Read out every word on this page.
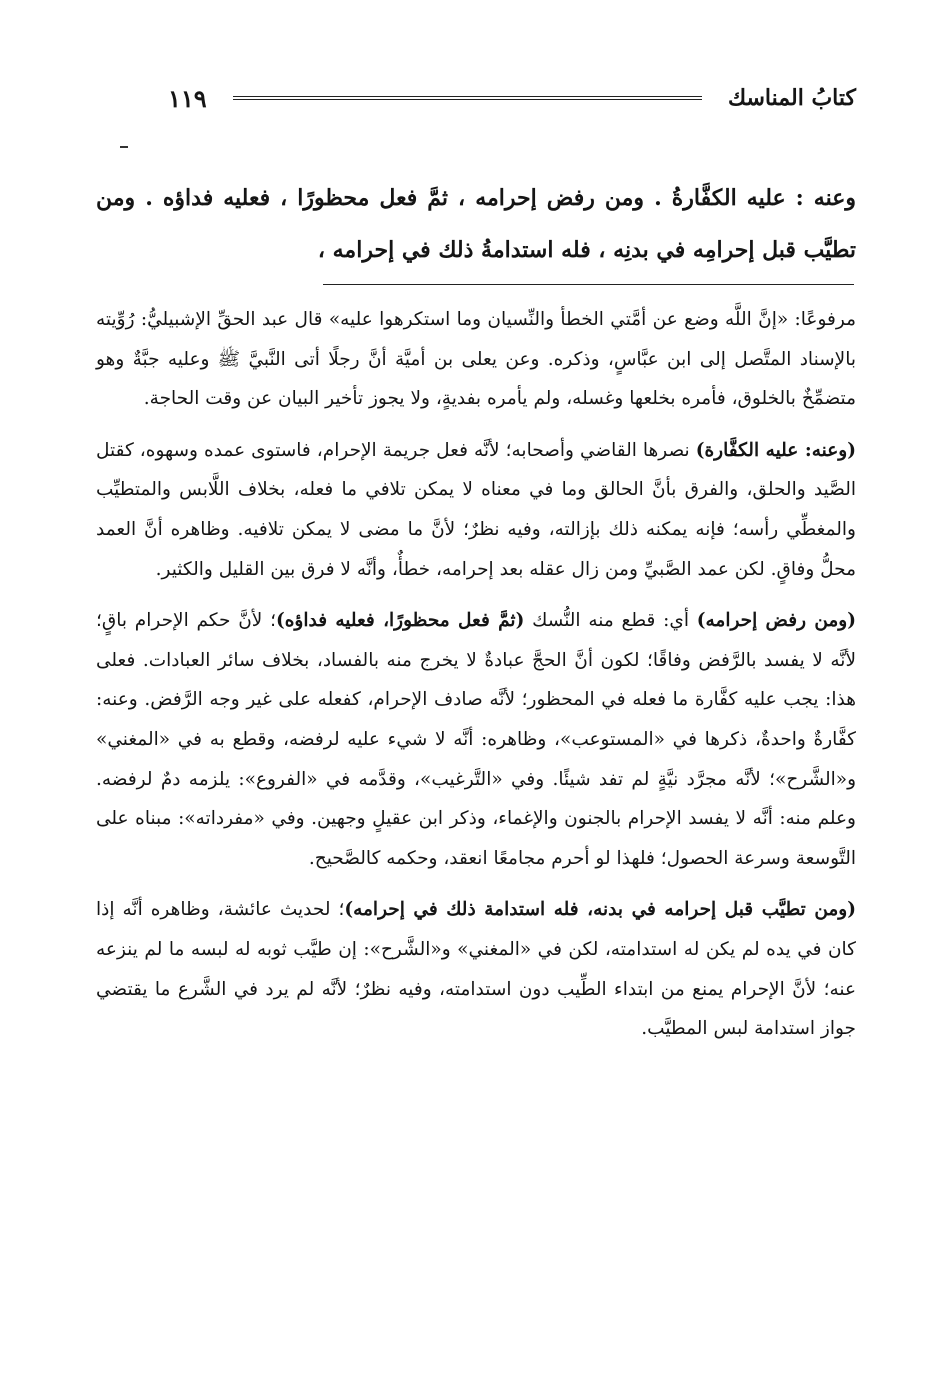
كتابُ المناسك
١١٩

وعنه : عليه الكفَّارةُ . ومن رفض إحرامه ، ثمَّ فعل محظورًا ، فعليه فداؤه . ومن تطيَّب قبل إحرامِه في بدنِه ، فله استدامةُ ذلك في إحرامه ،

مرفوعًا: «إنَّ اللَّه وضع عن أمَّتي الخطأ والنِّسيان وما استكرهوا عليه» قال عبد الحقِّ الإشبيليُّ: رُوِّيته بالإسناد المتَّصل إلى ابن عبَّاسٍ، وذكره. وعن يعلى بن أميَّة أنَّ رجلًا أتى النَّبيَّ ﷺ وعليه جبَّةٌ وهو متضمِّخٌ بالخلوق، فأمره بخلعها وغسله، ولم يأمره بفديةٍ، ولا يجوز تأخير البيان عن وقت الحاجة.

(وعنه: عليه الكفَّارة) نصرها القاضي وأصحابه؛ لأنَّه فعل جريمة الإحرام، فاستوى عمده وسهوه، كقتل الصَّيد والحلق، والفرق بأنَّ الحالق وما في معناه لا يمكن تلافي ما فعله، بخلاف اللَّابس والمتطيِّب والمغطِّي رأسه؛ فإنه يمكنه ذلك بإزالته، وفيه نظرٌ؛ لأنَّ ما مضى لا يمكن تلافيه. وظاهره أنَّ العمد محلُّ وفاقٍ. لكن عمد الصَّبيِّ ومن زال عقله بعد إحرامه، خطأٌ، وأنَّه لا فرق بين القليل والكثير.

(ومن رفض إحرامه) أي: قطع منه النُّسك (ثمَّ فعل محظورًا، فعليه فداؤه)؛ لأنَّ حكم الإحرام باقٍ؛ لأنَّه لا يفسد بالرَّفض وفاقًا؛ لكون أنَّ الحجَّ عبادةٌ لا يخرج منه بالفساد، بخلاف سائر العبادات. فعلى هذا: يجب عليه كفَّارة ما فعله في المحظور؛ لأنَّه صادف الإحرام، كفعله على غير وجه الرَّفض. وعنه: كفَّارةٌ واحدةٌ، ذكرها في «المستوعب»، وظاهره: أنَّه لا شيء عليه لرفضه، وقطع به في «المغني» و«الشَّرح»؛ لأنَّه مجرَّد نيَّةٍ لم تفد شيئًا. وفي «التَّرغيب»، وقدَّمه في «الفروع»: يلزمه دمٌ لرفضه. وعلم منه: أنَّه لا يفسد الإحرام بالجنون والإغماء، وذكر ابن عقيلٍ وجهين. وفي «مفرداته»: مبناه على التَّوسعة وسرعة الحصول؛ فلهذا لو أحرم مجامعًا انعقد، وحكمه كالصَّحيح.

(ومن تطيَّب قبل إحرامه في بدنه، فله استدامة ذلك في إحرامه)؛ لحديث عائشة، وظاهره أنَّه إذا كان في يده لم يكن له استدامته، لكن في «المغني» و«الشَّرح»: إن طيَّب ثوبه له لبسه ما لم ينزعه عنه؛ لأنَّ الإحرام يمنع من ابتداء الطِّيب دون استدامته، وفيه نظرٌ؛ لأنَّه لم يرد في الشَّرع ما يقتضي جواز استدامة لبس المطيَّب.
